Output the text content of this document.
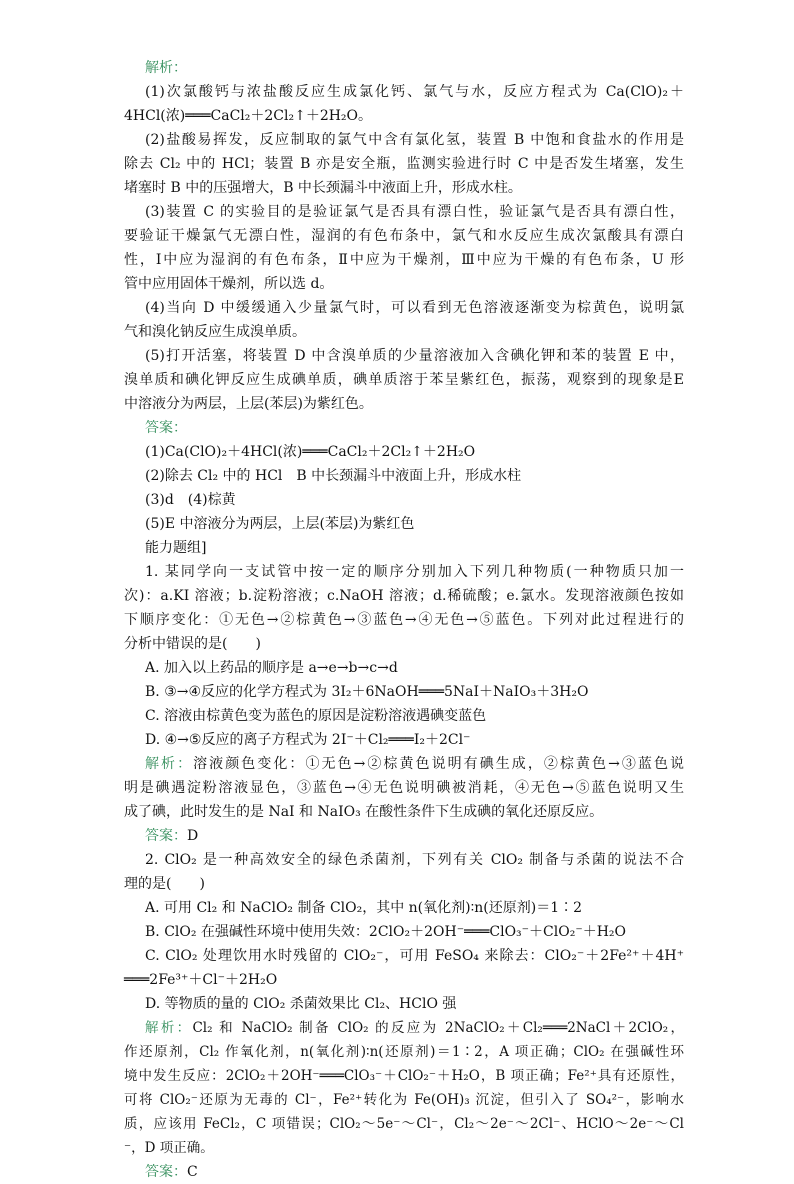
解析：
(1)次氯酸钙与浓盐酸反应生成氯化钙、氯气与水，反应方程式为 Ca(ClO)₂＋
4HCl(浓)═══CaCl₂＋2Cl₂↑＋2H₂O。
(2)盐酸易挥发，反应制取的氯气中含有氯化氢，装置 B 中饱和食盐水的作用是
除去 Cl₂ 中的 HCl；装置 B 亦是安全瓶，监测实验进行时 C 中是否发生堵塞，发生
堵塞时 B 中的压强增大，B 中长颈漏斗中液面上升，形成水柱。
(3)装置 C 的实验目的是验证氯气是否具有漂白性，验证氯气是否具有漂白性，
要验证干燥氯气无漂白性，湿润的有色布条中，氯气和水反应生成次氯酸具有漂白
性，Ⅰ中应为湿润的有色布条，Ⅱ中应为干燥剂，Ⅲ中应为干燥的有色布条，U 形
管中应用固体干燥剂，所以选 d。
(4)当向 D 中缓缓通入少量氯气时，可以看到无色溶液逐渐变为棕黄色，说明氯
气和溴化钠反应生成溴单质。
(5)打开活塞，将装置 D 中含溴单质的少量溶液加入含碘化钾和苯的装置 E 中，
溴单质和碘化钾反应生成碘单质，碘单质溶于苯呈紫红色，振荡，观察到的现象是E
中溶液分为两层，上层(苯层)为紫红色。
答案：
(1)Ca(ClO)₂＋4HCl(浓)═══CaCl₂＋2Cl₂↑＋2H₂O
(2)除去 Cl₂ 中的 HCl　B 中长颈漏斗中液面上升，形成水柱
(3)d　(4)棕黄
(5)E 中溶液分为两层，上层(苯层)为紫红色
能力题组]
1. 某同学向一支试管中按一定的顺序分别加入下列几种物质(一种物质只加一
次)：a.KI 溶液；b.淀粉溶液；c.NaOH 溶液；d.稀硫酸；e.氯水。发现溶液颜色按如
下顺序变化：①无色→②棕黄色→③蓝色→④无色→⑤蓝色。下列对此过程进行的
分析中错误的是(　　)
A. 加入以上药品的顺序是 a→e→b→c→d
B. ③→④反应的化学方程式为 3I₂＋6NaOH═══5NaI＋NaIO₃＋3H₂O
C. 溶液由棕黄色变为蓝色的原因是淀粉溶液遇碘变蓝色
D. ④→⑤反应的离子方程式为 2I⁻＋Cl₂═══I₂＋2Cl⁻
解析：溶液颜色变化：①无色→②棕黄色说明有碘生成，②棕黄色→③蓝色说
明是碘遇淀粉溶液显色，③蓝色→④无色说明碘被消耗，④无色→⑤蓝色说明又生
成了碘，此时发生的是 NaI 和 NaIO₃ 在酸性条件下生成碘的氧化还原反应。
答案：D
2. ClO₂ 是一种高效安全的绿色杀菌剂，下列有关 ClO₂ 制备与杀菌的说法不合
理的是(　　)
A. 可用 Cl₂ 和 NaClO₂ 制备 ClO₂，其中 n(氧化剂)∶n(还原剂)＝1∶2
B. ClO₂ 在强碱性环境中使用失效：2ClO₂＋2OH⁻═══ClO₃⁻＋ClO₂⁻＋H₂O
C. ClO₂ 处理饮用水时残留的 ClO₂⁻，可用 FeSO₄ 来除去：ClO₂⁻＋2Fe²⁺＋4H⁺
═══2Fe³⁺＋Cl⁻＋2H₂O
D. 等物质的量的 ClO₂ 杀菌效果比 Cl₂、HClO 强
解析：Cl₂ 和 NaClO₂ 制备 ClO₂ 的反应为 2NaClO₂＋Cl₂═══2NaCl＋2ClO₂，
作还原剂，Cl₂ 作氧化剂，n(氧化剂)∶n(还原剂)＝1∶2，A 项正确；ClO₂ 在强碱性环
境中发生反应：2ClO₂＋2OH⁻═══ClO₃⁻＋ClO₂⁻＋H₂O，B 项正确；Fe²⁺具有还原性，
可将 ClO₂⁻还原为无毒的 Cl⁻，Fe²⁺转化为 Fe(OH)₃ 沉淀，但引入了 SO₄²⁻，影响水
质，应该用 FeCl₂，C 项错误；ClO₂～5e⁻～Cl⁻，Cl₂～2e⁻～2Cl⁻、HClO～2e⁻～Cl
⁻，D 项正确。
答案：C
